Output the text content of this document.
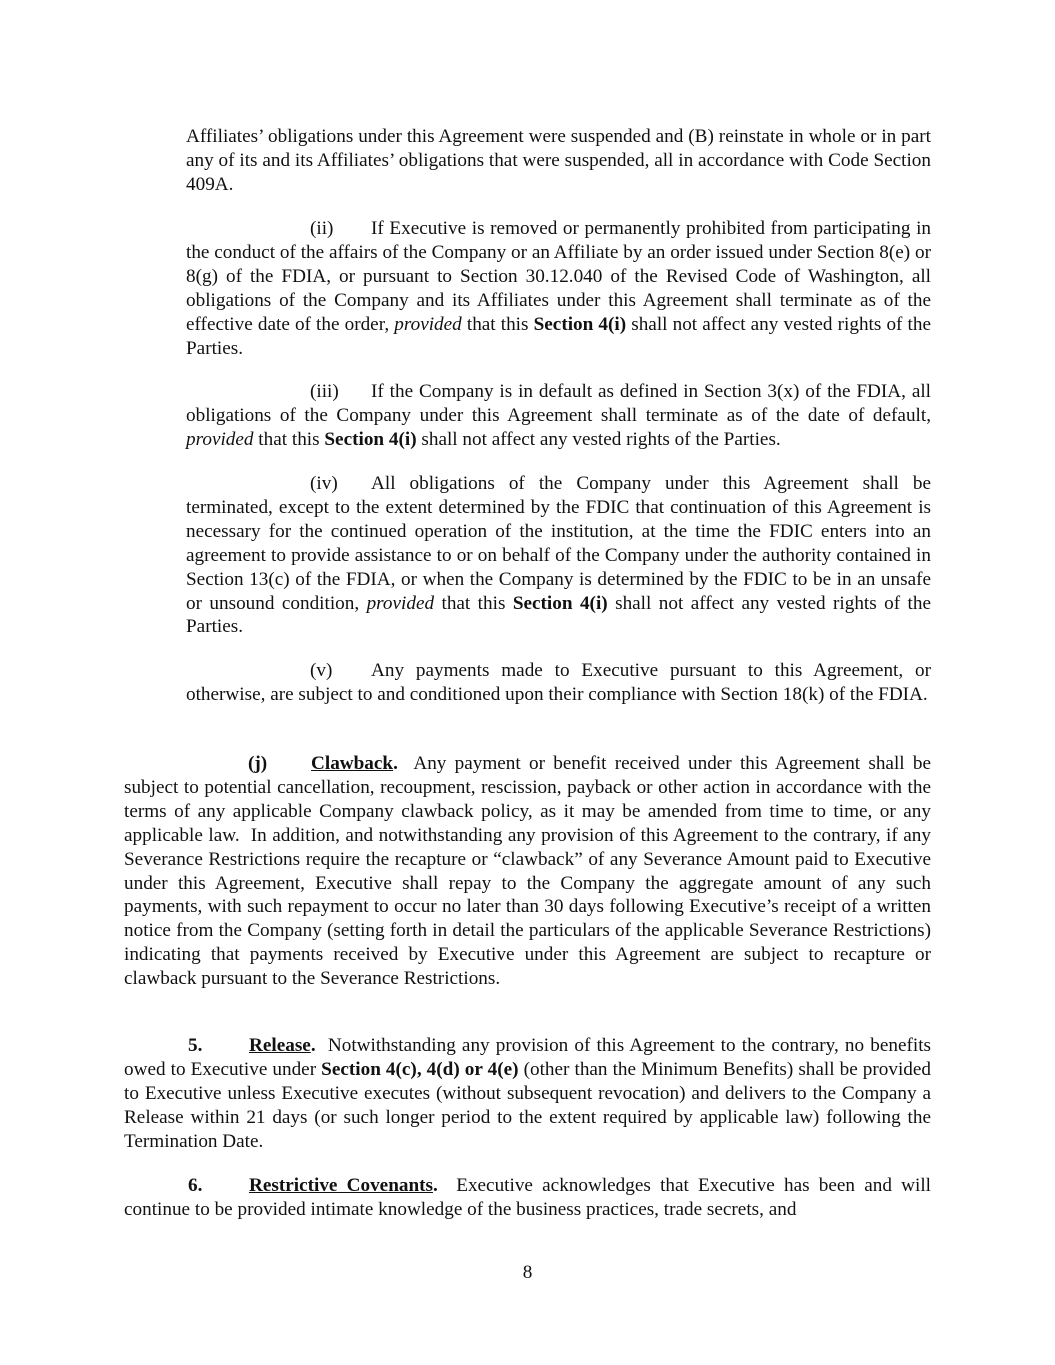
Affiliates’ obligations under this Agreement were suspended and (B) reinstate in whole or in part any of its and its Affiliates’ obligations that were suspended, all in accordance with Code Section 409A.

(ii) If Executive is removed or permanently prohibited from participating in the conduct of the affairs of the Company or an Affiliate by an order issued under Section 8(e) or 8(g) of the FDIA, or pursuant to Section 30.12.040 of the Revised Code of Washington, all obligations of the Company and its Affiliates under this Agreement shall terminate as of the effective date of the order, provided that this Section 4(i) shall not affect any vested rights of the Parties.

(iii) If the Company is in default as defined in Section 3(x) of the FDIA, all obligations of the Company under this Agreement shall terminate as of the date of default, provided that this Section 4(i) shall not affect any vested rights of the Parties.

(iv) All obligations of the Company under this Agreement shall be terminated, except to the extent determined by the FDIC that continuation of this Agreement is necessary for the continued operation of the institution, at the time the FDIC enters into an agreement to provide assistance to or on behalf of the Company under the authority contained in Section 13(c) of the FDIA, or when the Company is determined by the FDIC to be in an unsafe or unsound condition, provided that this Section 4(i) shall not affect any vested rights of the Parties.

(v) Any payments made to Executive pursuant to this Agreement, or otherwise, are subject to and conditioned upon their compliance with Section 18(k) of the FDIA.

(j) Clawback.  Any payment or benefit received under this Agreement shall be subject to potential cancellation, recoupment, rescission, payback or other action in accordance with the terms of any applicable Company clawback policy, as it may be amended from time to time, or any applicable law.  In addition, and notwithstanding any provision of this Agreement to the contrary, if any Severance Restrictions require the recapture or “clawback” of any Severance Amount paid to Executive under this Agreement, Executive shall repay to the Company the aggregate amount of any such payments, with such repayment to occur no later than 30 days following Executive’s receipt of a written notice from the Company (setting forth in detail the particulars of the applicable Severance Restrictions) indicating that payments received by Executive under this Agreement are subject to recapture or clawback pursuant to the Severance Restrictions.

5. Release.  Notwithstanding any provision of this Agreement to the contrary, no benefits owed to Executive under Section 4(c), 4(d) or 4(e) (other than the Minimum Benefits) shall be provided to Executive unless Executive executes (without subsequent revocation) and delivers to the Company a Release within 21 days (or such longer period to the extent required by applicable law) following the Termination Date.

6. Restrictive Covenants.  Executive acknowledges that Executive has been and will continue to be provided intimate knowledge of the business practices, trade secrets, and

8
